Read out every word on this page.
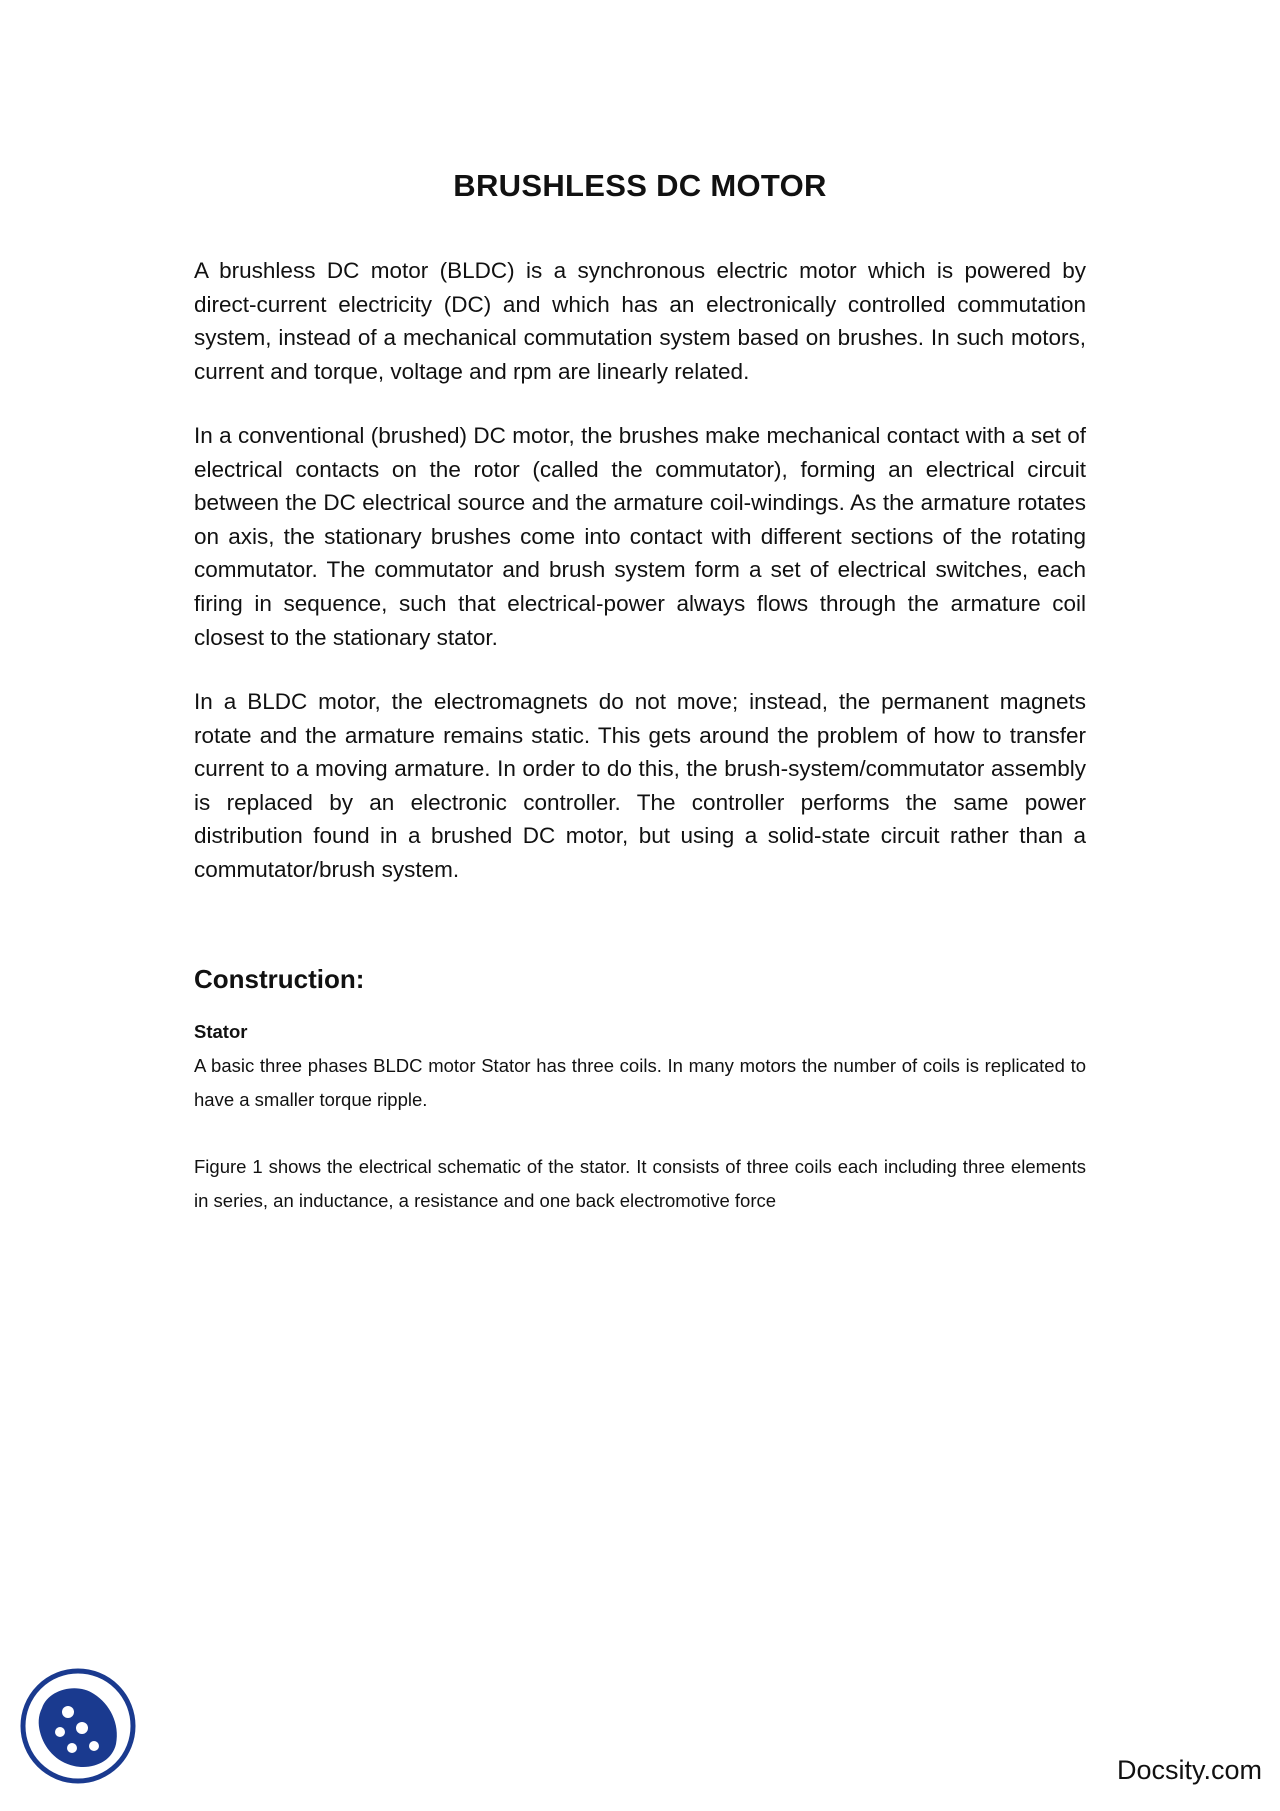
BRUSHLESS DC MOTOR

A brushless DC motor (BLDC) is a synchronous electric motor which is powered by direct-current electricity (DC) and which has an electronically controlled commutation system, instead of a mechanical commutation system based on brushes. In such motors, current and torque, voltage and rpm are linearly related.

In a conventional (brushed) DC motor, the brushes make mechanical contact with a set of electrical contacts on the rotor (called the commutator), forming an electrical circuit between the DC electrical source and the armature coil-windings. As the armature rotates on axis, the stationary brushes come into contact with different sections of the rotating commutator. The commutator and brush system form a set of electrical switches, each firing in sequence, such that electrical-power always flows through the armature coil closest to the stationary stator.

In a BLDC motor, the electromagnets do not move; instead, the permanent magnets rotate and the armature remains static. This gets around the problem of how to transfer current to a moving armature. In order to do this, the brush-system/commutator assembly is replaced by an electronic controller. The controller performs the same power distribution found in a brushed DC motor, but using a solid-state circuit rather than a commutator/brush system.

Construction:
Stator

A basic three phases BLDC motor Stator has three coils. In many motors the number of coils is replicated to have a smaller torque ripple.

Figure 1 shows the electrical schematic of the stator. It consists of three coils each including three elements in series, an inductance, a resistance and one back electromotive force

Docsity.com
